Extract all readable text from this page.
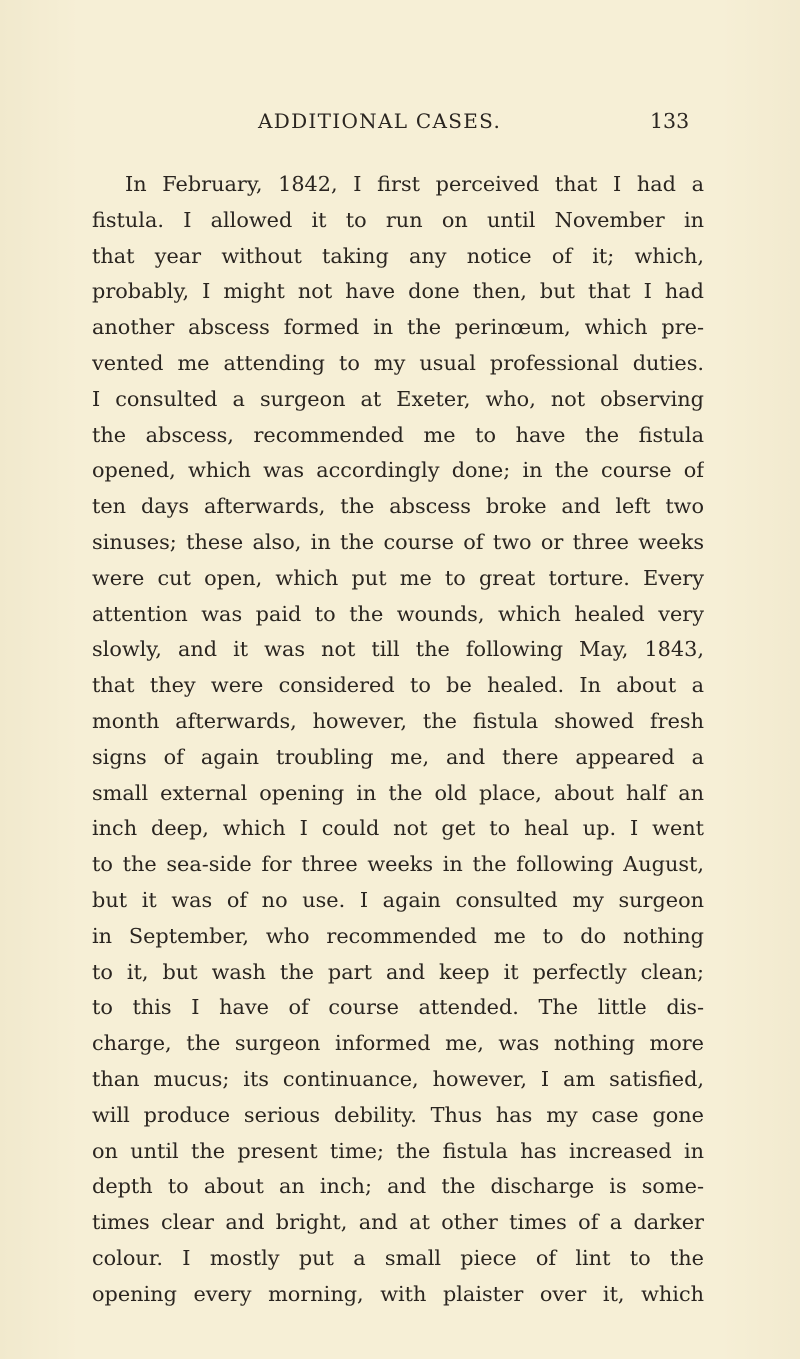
ADDITIONAL CASES.	133
In February, 1842, I first perceived that I had a
fistula. I allowed it to run on until November in
that year without taking any notice of it; which,
probably, I might not have done then, but that I had
another abscess formed in the perinœum, which pre-
vented me attending to my usual professional duties.
I consulted a surgeon at Exeter, who, not observing
the abscess, recommended me to have the fistula
opened, which was accordingly done; in the course of
ten days afterwards, the abscess broke and left two
sinuses; these also, in the course of two or three weeks
were cut open, which put me to great torture. Every
attention was paid to the wounds, which healed very
slowly, and it was not till the following May, 1843,
that they were considered to be healed. In about a
month afterwards, however, the fistula showed fresh
signs of again troubling me, and there appeared a
small external opening in the old place, about half an
inch deep, which I could not get to heal up. I went
to the sea-side for three weeks in the following August,
but it was of no use. I again consulted my surgeon
in September, who recommended me to do nothing
to it, but wash the part and keep it perfectly clean;
to this I have of course attended. The little dis-
charge, the surgeon informed me, was nothing more
than mucus; its continuance, however, I am satisfied,
will produce serious debility. Thus has my case gone
on until the present time; the fistula has increased in
depth to about an inch; and the discharge is some-
times clear and bright, and at other times of a darker
colour. I mostly put a small piece of lint to the
opening every morning, with plaister over it, which
